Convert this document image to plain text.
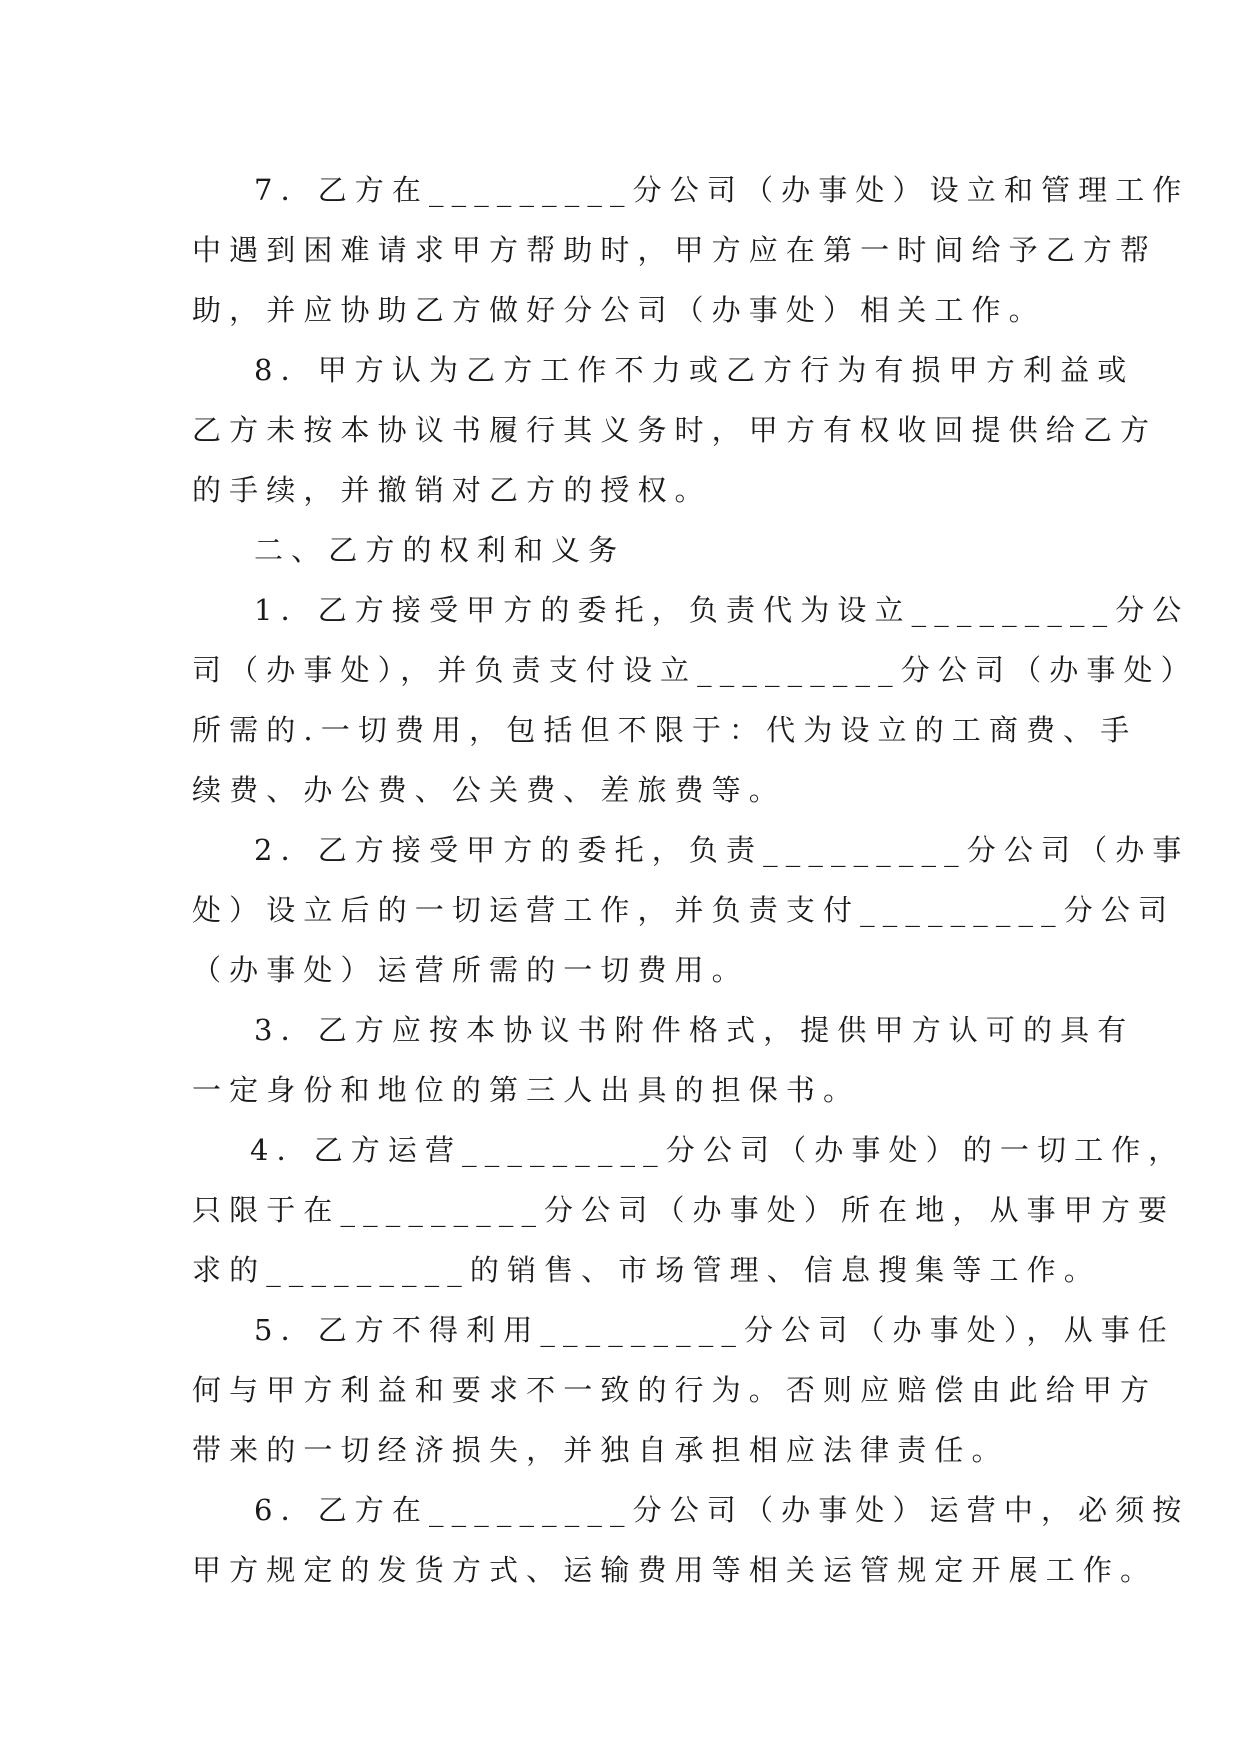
7．乙方在_________分公司（办事处）设立和管理工作
中遇到困难请求甲方帮助时，甲方应在第一时间给予乙方帮
助，并应协助乙方做好分公司（办事处）相关工作。
8．甲方认为乙方工作不力或乙方行为有损甲方利益或
乙方未按本协议书履行其义务时，甲方有权收回提供给乙方
的手续，并撤销对乙方的授权。
二、乙方的权利和义务
1．乙方接受甲方的委托，负责代为设立_________分公
司（办事处），并负责支付设立_________分公司（办事处）
所需的.一切费用，包括但不限于：代为设立的工商费、手
续费、办公费、公关费、差旅费等。
2．乙方接受甲方的委托，负责_________分公司（办事
处）设立后的一切运营工作，并负责支付_________分公司
（办事处）运营所需的一切费用。
3．乙方应按本协议书附件格式，提供甲方认可的具有
一定身份和地位的第三人出具的担保书。
4．乙方运营_________分公司（办事处）的一切工作，
只限于在_________分公司（办事处）所在地，从事甲方要
求的_________的销售、市场管理、信息搜集等工作。
5．乙方不得利用_________分公司（办事处），从事任
何与甲方利益和要求不一致的行为。否则应赔偿由此给甲方
带来的一切经济损失，并独自承担相应法律责任。
6．乙方在_________分公司（办事处）运营中，必须按
甲方规定的发货方式、运输费用等相关运管规定开展工作。
